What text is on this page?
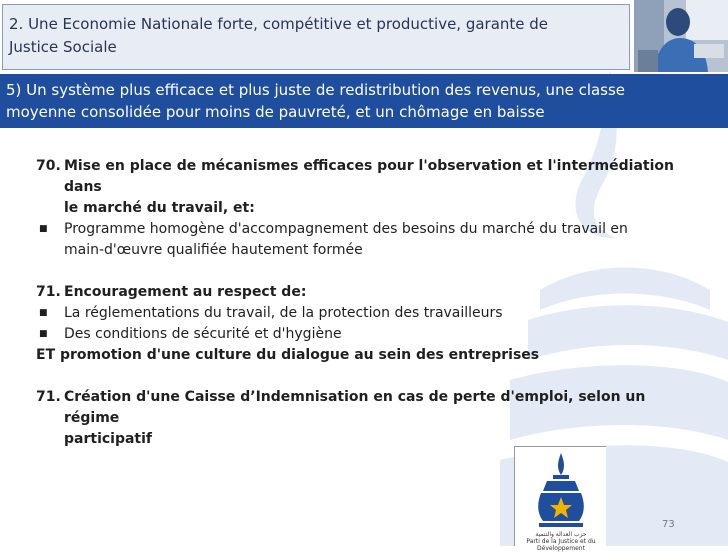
2. Une Economie Nationale forte, compétitive et productive, garante de
Justice Sociale
5) Un système plus efficace et plus juste de redistribution des revenus, une classe
moyenne consolidée pour moins de pauvreté, et un chômage en baisse
70. Mise en place de mécanismes efficaces pour l'observation et l'intermédiation dans
le marché du travail, et:
■	Programme homogène d'accompagnement des besoins du marché du travail en
main-d'œuvre qualifiée hautement formée
71. Encouragement au respect de:
■	La réglementations du travail, de la protection des travailleurs
■	Des conditions de sécurité et d'hygiène
ET promotion d'une culture du dialogue au sein des entreprises
71. Création d'une Caisse d’Indemnisation en cas de perte d'emploi, selon un régime
participatif
حزب العدالة والتنمية
Parti de la Justice et du Développement
73
